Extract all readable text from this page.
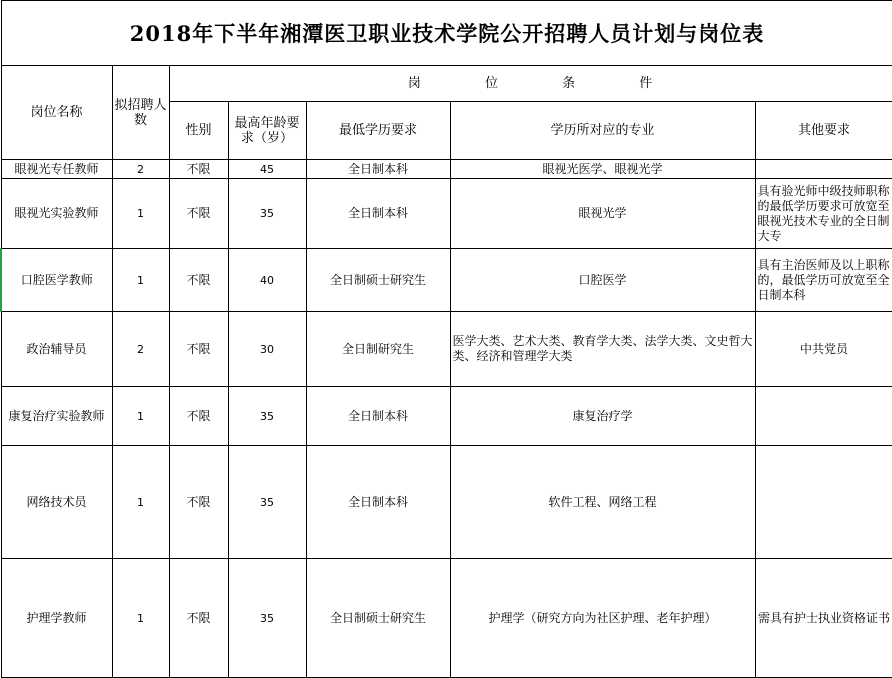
2018年下半年湘潭医卫职业技术学院公开招聘人员计划与岗位表						
岗位名称	拟招聘人数	岗 位 条 件				
		性别	最高年龄要求（岁）	最低学历要求	学历所对应的专业	其他要求
眼视光专任教师	2	不限	45	全日制本科	眼视光医学、眼视光学	
眼视光实验教师	1	不限	35	全日制本科	眼视光学	具有验光师中级技师职称的最低学历要求可放宽至眼视光技术专业的全日制大专
口腔医学教师	1	不限	40	全日制硕士研究生	口腔医学	具有主治医师及以上职称的，最低学历可放宽至全日制本科
政治辅导员	2	不限	30	全日制研究生	医学大类、艺术大类、教育学大类、法学大类、文史哲大类、经济和管理学大类	中共党员
康复治疗实验教师	1	不限	35	全日制本科	康复治疗学	
网络技术员	1	不限	35	全日制本科	软件工程、网络工程	
护理学教师	1	不限	35	全日制硕士研究生	护理学（研究方向为社区护理、老年护理）	需具有护士执业资格证书
